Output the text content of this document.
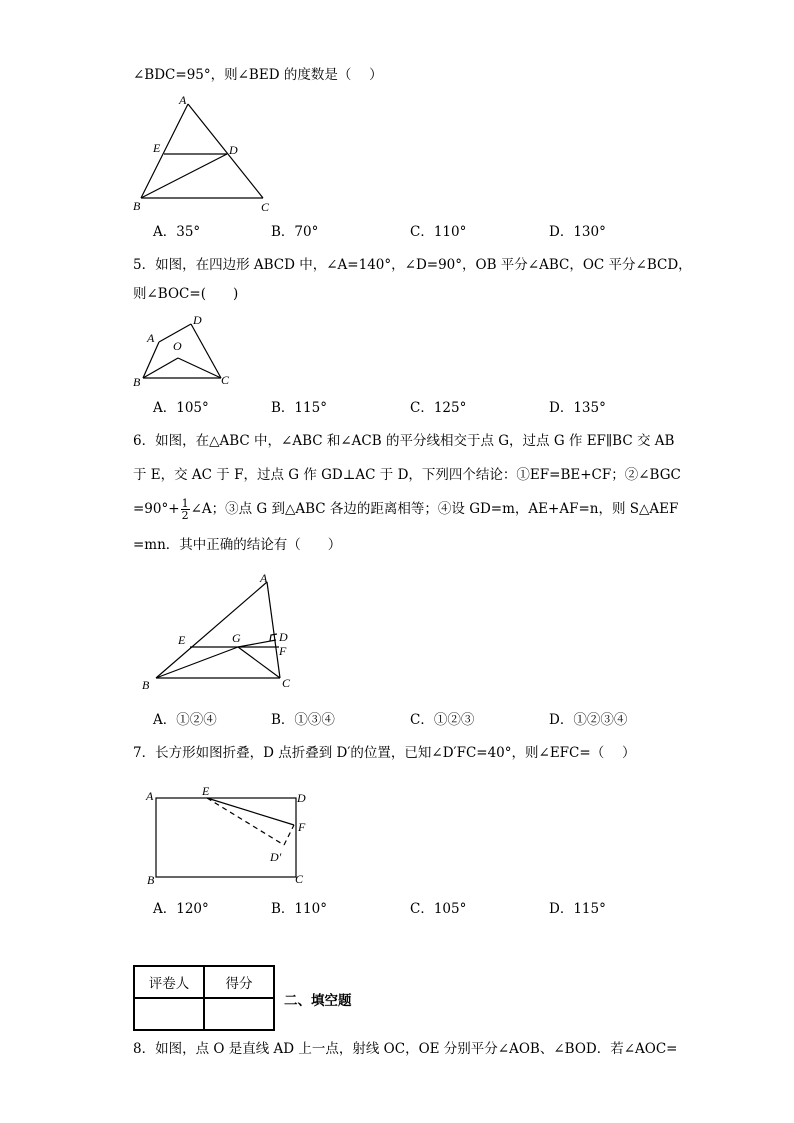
∠BDC=95°，则∠BED 的度数是（　 ）
A
E	D
B	C
A．35°	B．70°	C．110°	D．130°
5．如图，在四边形 ABCD 中，∠A=140°，∠D=90°，OB 平分∠ABC，OC 平分∠BCD，
则∠BOC=(　　)
D
A
O
B	C
A．105°	B．115°	C．125°	D．135°
6．如图，在△ABC 中，∠ABC 和∠ACB 的平分线相交于点 G，过点 G 作 EF∥BC 交 AB
于 E，交 AC 于 F，过点 G 作 GD⊥AC 于 D，下列四个结论：①EF=BE+CF；②∠BGC
$=90^\circ+ \frac{1}{2}$ ∠A；③点 G 到△ABC 各边的距离相等；④设 GD=m，AE+AF=n，则 S△AEF
=mn．其中正确的结论有（　　）
A
E	G	D
F
B	C
A．①②④	B．①③④	C．①②③	D．①②③④
7．长方形如图折叠，D 点折叠到 D′的位置，已知∠D′FC=40°，则∠EFC=（　 ）
A	E	D
F
D′
B	C
A．120°	B．110°	C．105°	D．115°
评卷人	得分

二、填空题
8．如图，点 O 是直线 AD 上一点，射线 OC，OE 分别平分∠AOB、∠BOD．若∠AOC=
